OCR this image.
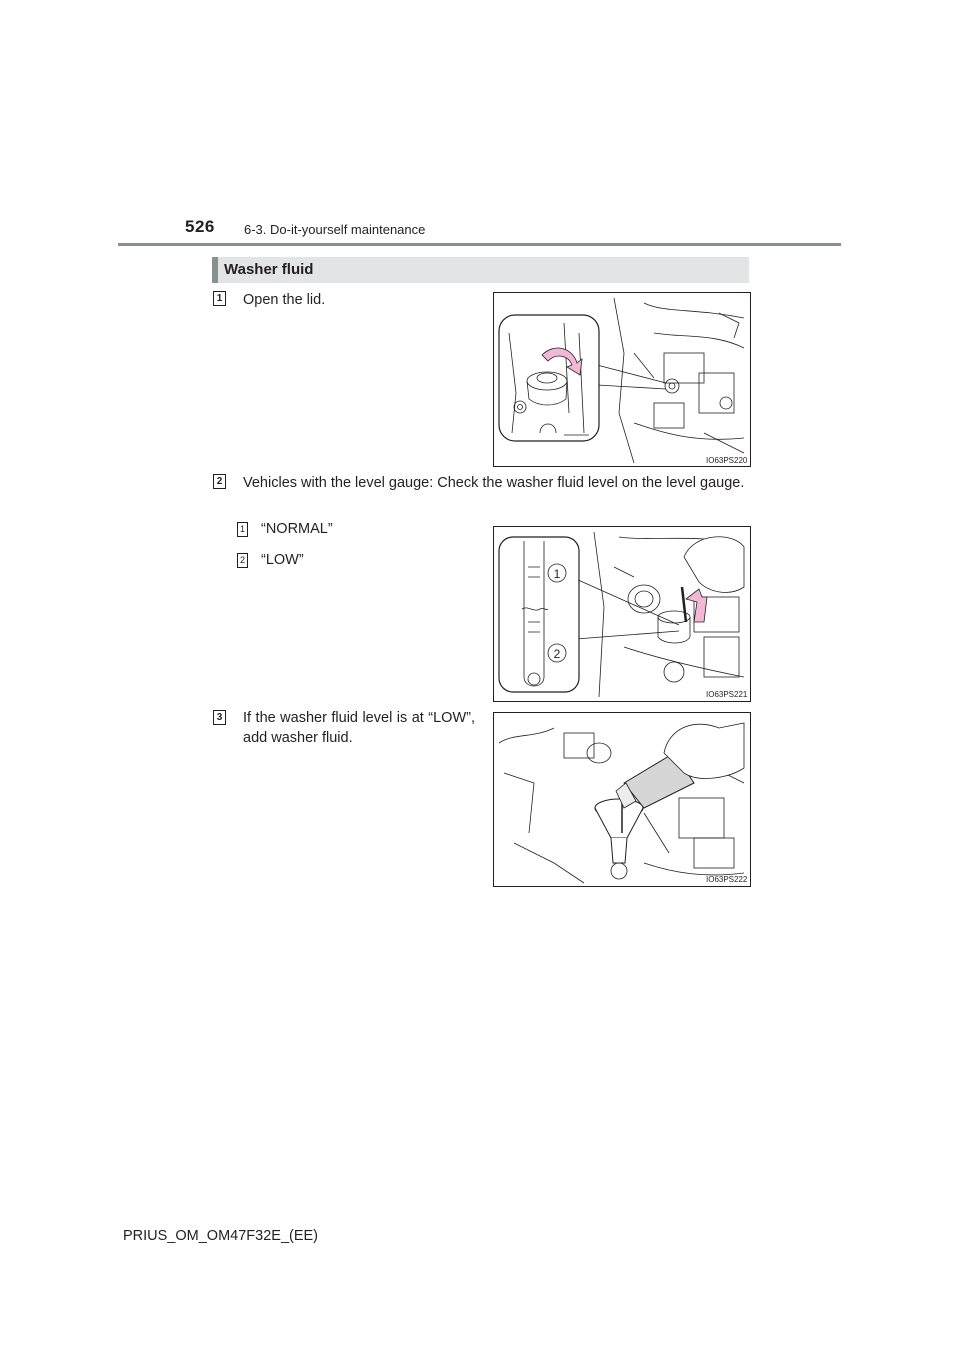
526 6-3. Do-it-yourself maintenance
Washer fluid
1 Open the lid.
IO63PS220
2 Vehicles with the level gauge: Check the washer fluid level on the level gauge.
1 “NORMAL”
2 “LOW”
1
2
IO63PS221
3 If the washer fluid level is at “LOW”, add washer fluid.
IO63PS222
PRIUS_OM_OM47F32E_(EE)
